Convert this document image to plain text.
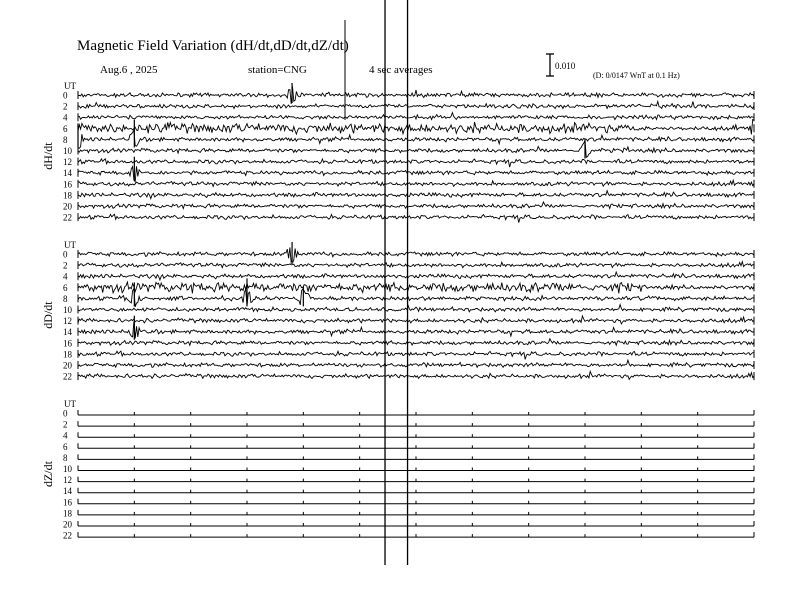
Magnetic Field Variation (dH/dt,dD/dt,dZ/dt)
Aug.6 , 2025	station=CNG	4 sec averages	0.010
(D: 0/0147 WnT at 0.1 Hz)
UT
dH/dt
0
2
4
6
8
10
12
14
16
18
20
22
UT
dD/dt
0
2
4
6
8
10
12
14
16
18
20
22
UT
dZ/dt
0
2
4
6
8
10
12
14
16
18
20
22
